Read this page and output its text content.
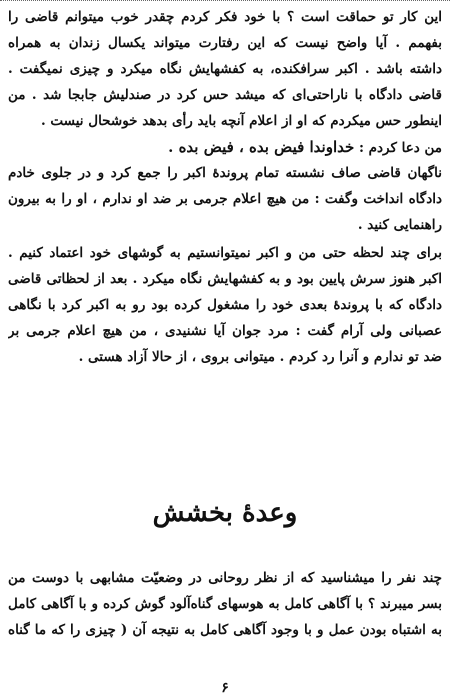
این کار تو حماقت است ؟ با خود فکر کردم چقدر خوب میتوانم قاضی را
بفهمم . آیا واضح نیست که این رفتارت میتواند یکسال زندان به همراه
داشته باشد . اکبر سرافکنده، به کفشهایش نگاه میکرد و چیزی نمیگفت .
قاضی دادگاه با ناراحتی‌ای که میشد حس کرد در صندلیش جابجا شد . من
اینطور حس میکردم که او از اعلام آنچه باید رأی بدهد خوشحال نیست .
من دعا کردم : خداوندا فیض بده ، فیض بده .
ناگهان قاضی صاف نشسته تمام پروندهٔ اکبر را جمع کرد و در جلوی خادم
دادگاه انداخت وگفت : من هیچ اعلام جرمی بر ضد او ندارم ، او را به بیرون
راهنمایی کنید .
برای چند لحظه حتی من و اکبر نمیتوانستیم به گوشهای خود اعتماد کنیم .
اکبر هنوز سرش پایین بود و به کفشهایش نگاه میکرد . بعد از لحظاتی قاضی
دادگاه که با پروندهٔ بعدی خود را مشغول کرده بود رو به اکبر کرد با نگاهی
عصبانی ولی آرام گفت : مرد جوان آیا نشنیدی ، من هیچ اعلام جرمی بر
ضد تو ندارم و آنرا رد کردم . میتوانی بروی ، از حالا آزاد هستی .
وعدهٔ بخشش
چند نفر را میشناسید که از نظر روحانی در وضعیّت مشابهی با دوست من
بسر میبرند ؟ با آگاهی کامل به هوسهای گناه‌آلود گوش کرده و با آگاهی کامل
به اشتباه بودن عمل و با وجود آگاهی کامل به نتیجه آن ( چیزی را که ما گناه
۶
